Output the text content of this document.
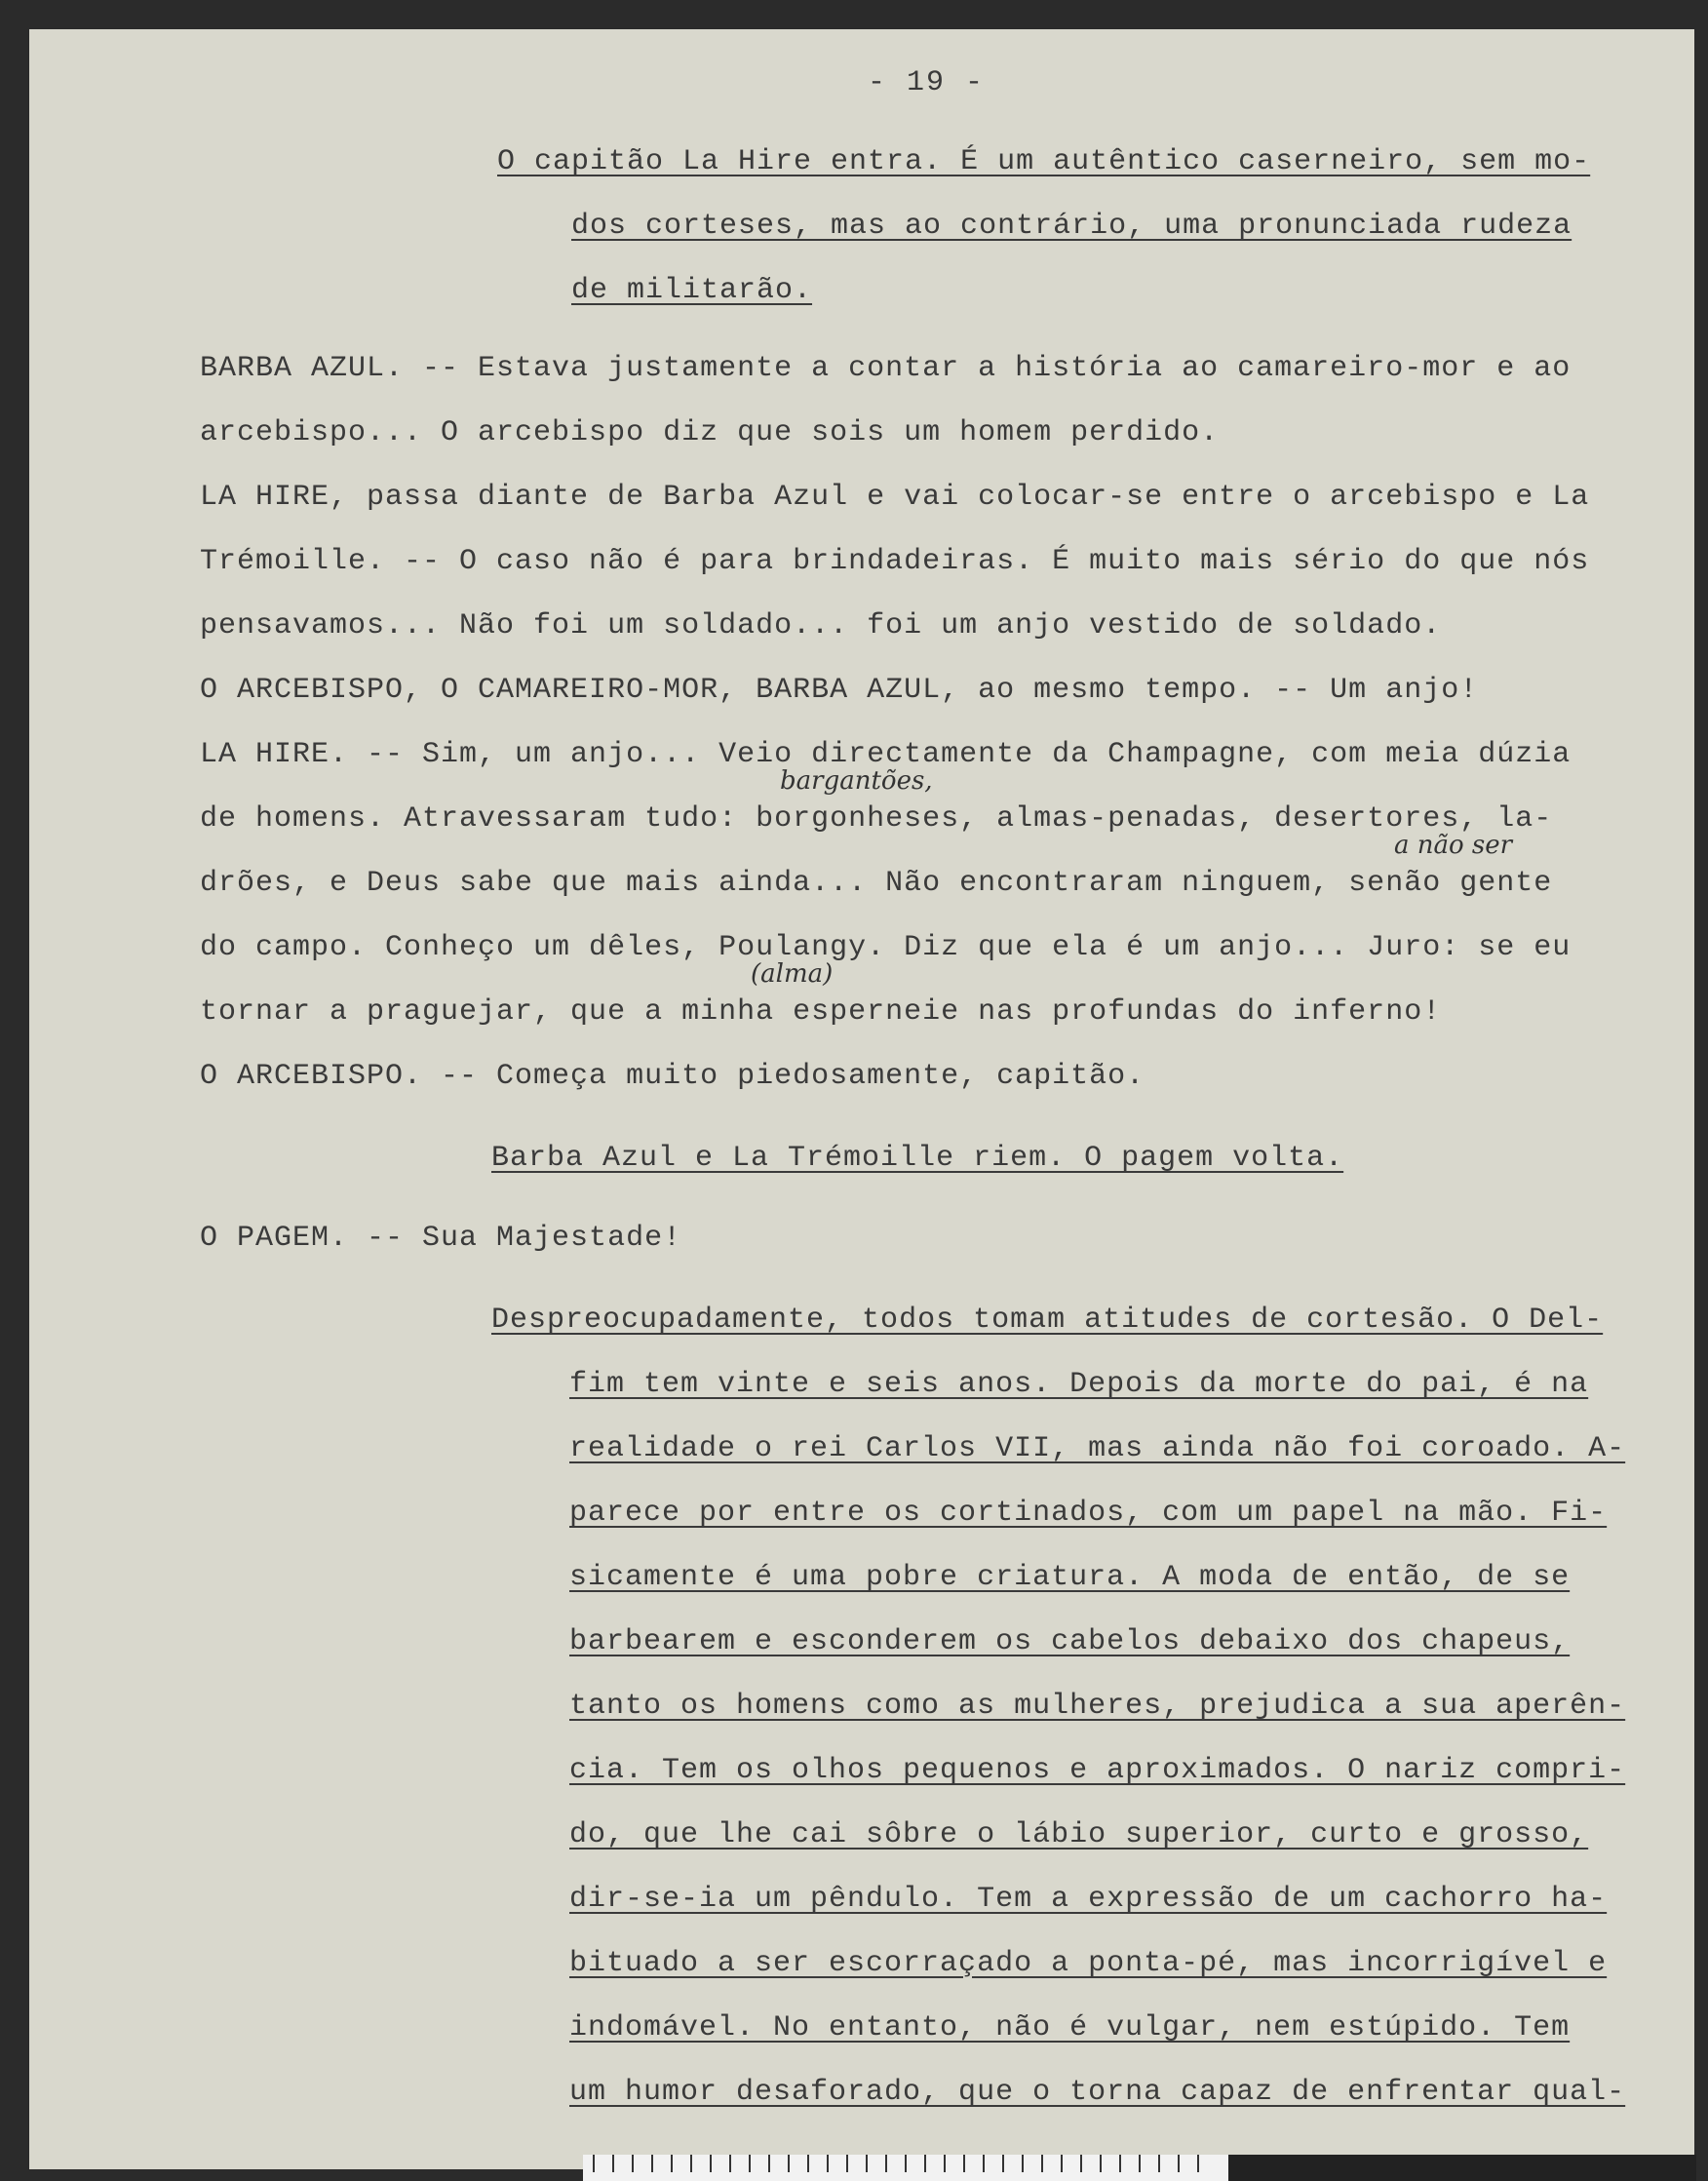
- 19 -
O capitão La Hire entra. É um autêntico caserneiro, sem mo-
dos corteses, mas ao contrário, uma pronunciada rudeza
de militarão.
BARBA AZUL. -- Estava justamente a contar a história ao camareiro-mor e ao
arcebispo... O arcebispo diz que sois um homem perdido.
LA HIRE, passa diante de Barba Azul e vai colocar-se entre o arcebispo e La
Trémoille. -- O caso não é para brindadeiras. É muito mais sério do que nós
pensavamos... Não foi um soldado... foi um anjo vestido de soldado.
O ARCEBISPO, O CAMAREIRO-MOR, BARBA AZUL, ao mesmo tempo. -- Um anjo!
LA HIRE. -- Sim, um anjo... Veio directamente da Champagne, com meia dúzia
de homens. Atravessaram tudo: borgonheses, almas-penadas, desertores, la-
drões, e Deus sabe que mais ainda... Não encontraram ninguem, senão gente
do campo. Conheço um dêles, Poulangy. Diz que ela é um anjo... Juro: se eu
tornar a praguejar, que a minha esperneie nas profundas do inferno!
O ARCEBISPO. -- Começa muito piedosamente, capitão.
bargantões,
a não ser
(alma)
Barba Azul e La Trémoille riem. O pagem volta.
O PAGEM. -- Sua Majestade!
Despreocupadamente, todos tomam atitudes de cortesão. O Del-
fim tem vinte e seis anos. Depois da morte do pai, é na
realidade o rei Carlos VII, mas ainda não foi coroado. A-
parece por entre os cortinados, com um papel na mão. Fi-
sicamente é uma pobre criatura. A moda de então, de se
barbearem e esconderem os cabelos debaixo dos chapeus,
tanto os homens como as mulheres, prejudica a sua aperên-
cia. Tem os olhos pequenos e aproximados. O nariz compri-
do, que lhe cai sôbre o lábio superior, curto e grosso,
dir-se-ia um pêndulo. Tem a expressão de um cachorro ha-
bituado a ser escorraçado a ponta-pé, mas incorrigível e
indomável. No entanto, não é vulgar, nem estúpido. Tem
um humor desaforado, que o torna capaz de enfrentar qual-
